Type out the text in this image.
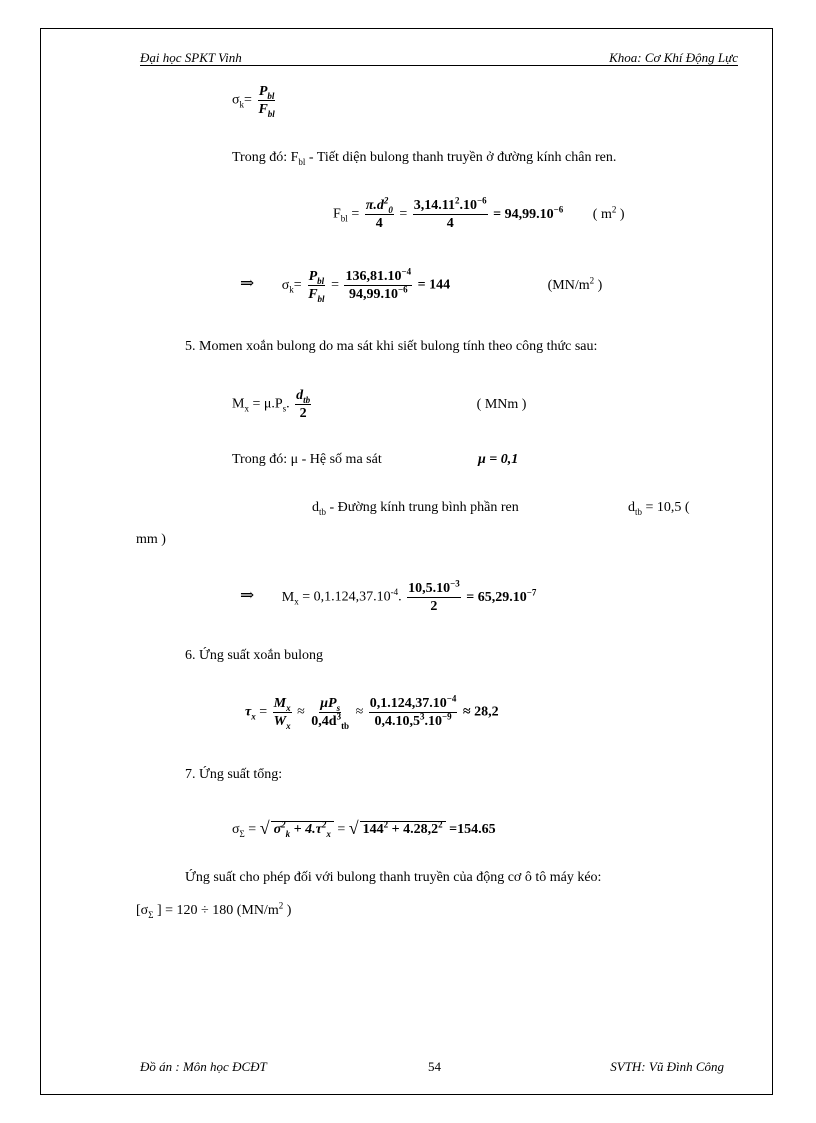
Đại học SPKT Vinh	Khoa: Cơ Khí Động Lực
$\sigma_k= \frac{P_{bl}}{F_{bl}}$
Trong đó: $F_{bl}$ - Tiết diện bulong thanh truyền ở đường kính chân ren.
$F_{bl} = \frac{\pi.d^2_0}{4} = \frac{3,14.11^2.10^{-6}}{4} = 94,99.10^{-6}$ ( $m^2$ )
⇒ $\sigma_k= \frac{P_{bl}}{F_{bl}} = \frac{136,81.10^{-4}}{94,99.10^{-6}} = 144$	($MN/m^2$ )
5. Momen xoắn bulong do ma sát khi siết bulong tính theo công thức sau:
$M_x = \mu.P_s$. $\frac{d_{tb}}{2}$	( MNm )
Trong đó: μ - Hệ số ma sát	μ = 0,1
$d_{tb}$ - Đường kính trung bình phần ren	$d_{tb} = 10,5$ (
mm )
⇒ $M_x = 0,1.124,37.10^{-4}$. $\frac{10,5.10^{-3}}{2} = 65,29.10^{-7}$
6. Ứng suất xoắn bulong
$\tau_x = \frac{M_x}{W_x} \approx \frac{\mu P_s}{0,4d^3_{tb}} \approx \frac{0,1.124,37.10^{-4}}{0,4.10,5^3.10^{-9}} \approx 28,2$
7. Ứng suất tổng:
$\sigma_\Sigma$ = √ $\sigma^2_k + 4.\tau^2_x$ = √ $144^2 + 4.28,2^2 =154.65$
Ứng suất cho phép đối với bulong thanh truyền của động cơ ô tô máy kéo:
[$\sigma_\Sigma$ ] = 120 ÷ 180 ($MN/m^2$ )
Đồ án : Môn học ĐCĐT	54	SVTH: Vũ Đình Công
